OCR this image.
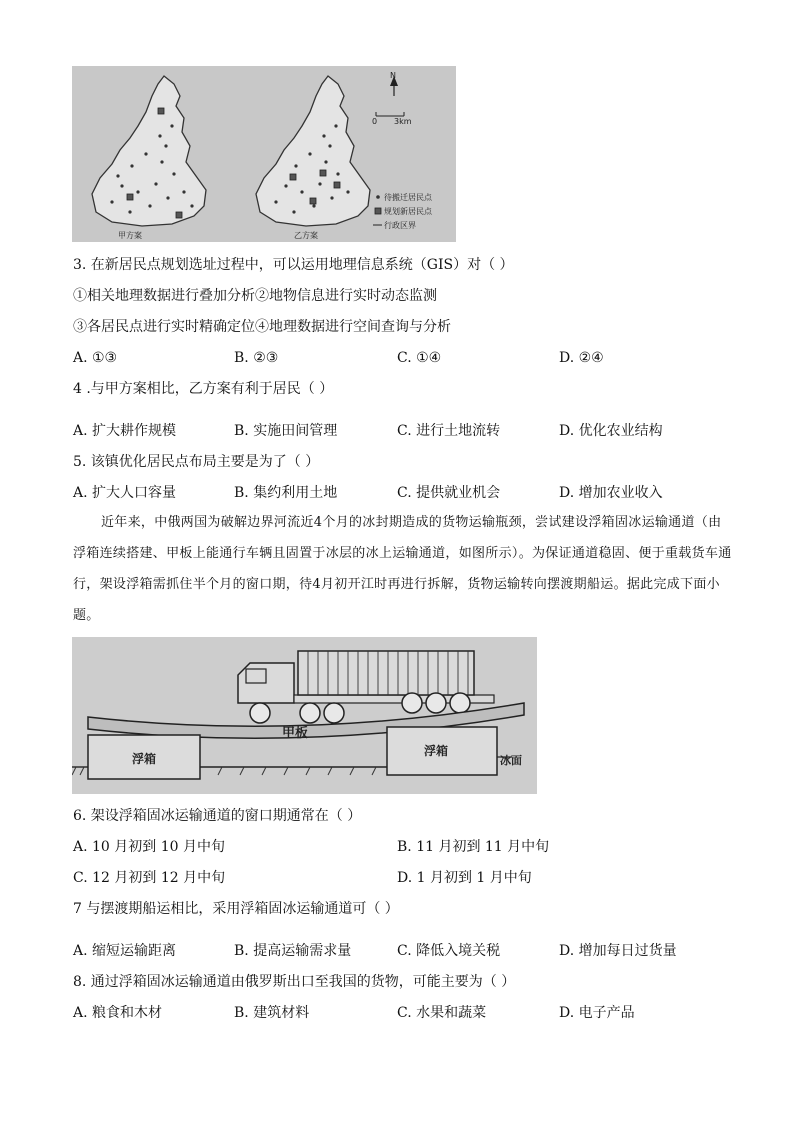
N
0 3km
待搬迁居民点
规划新居民点
行政区界
甲方案	乙方案
3. 在新居民点规划选址过程中，可以运用地理信息系统（GIS）对（ ）
①相关地理数据进行叠加分析②地物信息进行实时动态监测
③各居民点进行实时精确定位④地理数据进行空间查询与分析
A. ①③	B. ②③	C. ①④	D. ②④
4 .与甲方案相比，乙方案有利于居民（ ）
A. 扩大耕作规模	B. 实施田间管理	C. 进行土地流转	D. 优化农业结构
5. 该镇优化居民点布局主要是为了（ ）
A. 扩大人口容量	B. 集约利用土地	C. 提供就业机会	D. 增加农业收入
近年来，中俄两国为破解边界河流近4个月的冰封期造成的货物运输瓶颈，尝试建设浮箱固冰运输通道（由浮箱连续搭建、甲板上能通行车辆且固置于冰层的冰上运输通道，如图所示）。为保证通道稳固、便于重载货车通行，架设浮箱需抓住半个月的窗口期，待4月初开江时再进行拆解，货物运输转向摆渡期船运。据此完成下面小题。
甲板
浮箱
浮箱
冰面
6. 架设浮箱固冰运输通道的窗口期通常在（ ）
A. 10 月初到 10 月中旬	B. 11 月初到 11 月中旬
C. 12 月初到 12 月中旬	D. 1 月初到 1 月中旬
7 与摆渡期船运相比，采用浮箱固冰运输通道可（ ）
A. 缩短运输距离	B. 提高运输需求量	C. 降低入境关税	D. 增加每日过货量
8. 通过浮箱固冰运输通道由俄罗斯出口至我国的货物，可能主要为（ ）
A. 粮食和木材	B. 建筑材料	C. 水果和蔬菜	D. 电子产品
